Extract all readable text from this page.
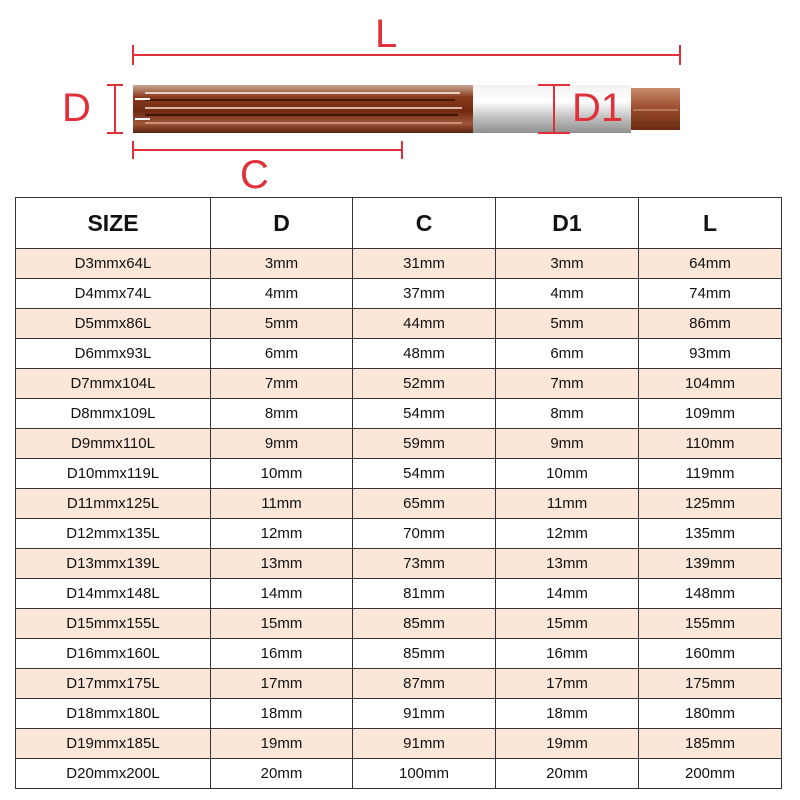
L
D	D1
C
SIZE	D	C	D1	L
D3mmx64L	3mm	31mm	3mm	64mm
D4mmx74L	4mm	37mm	4mm	74mm
D5mmx86L	5mm	44mm	5mm	86mm
D6mmx93L	6mm	48mm	6mm	93mm
D7mmx104L	7mm	52mm	7mm	104mm
D8mmx109L	8mm	54mm	8mm	109mm
D9mmx110L	9mm	59mm	9mm	110mm
D10mmx119L	10mm	54mm	10mm	119mm
D11mmx125L	11mm	65mm	11mm	125mm
D12mmx135L	12mm	70mm	12mm	135mm
D13mmx139L	13mm	73mm	13mm	139mm
D14mmx148L	14mm	81mm	14mm	148mm
D15mmx155L	15mm	85mm	15mm	155mm
D16mmx160L	16mm	85mm	16mm	160mm
D17mmx175L	17mm	87mm	17mm	175mm
D18mmx180L	18mm	91mm	18mm	180mm
D19mmx185L	19mm	91mm	19mm	185mm
D20mmx200L	20mm	100mm	20mm	200mm
